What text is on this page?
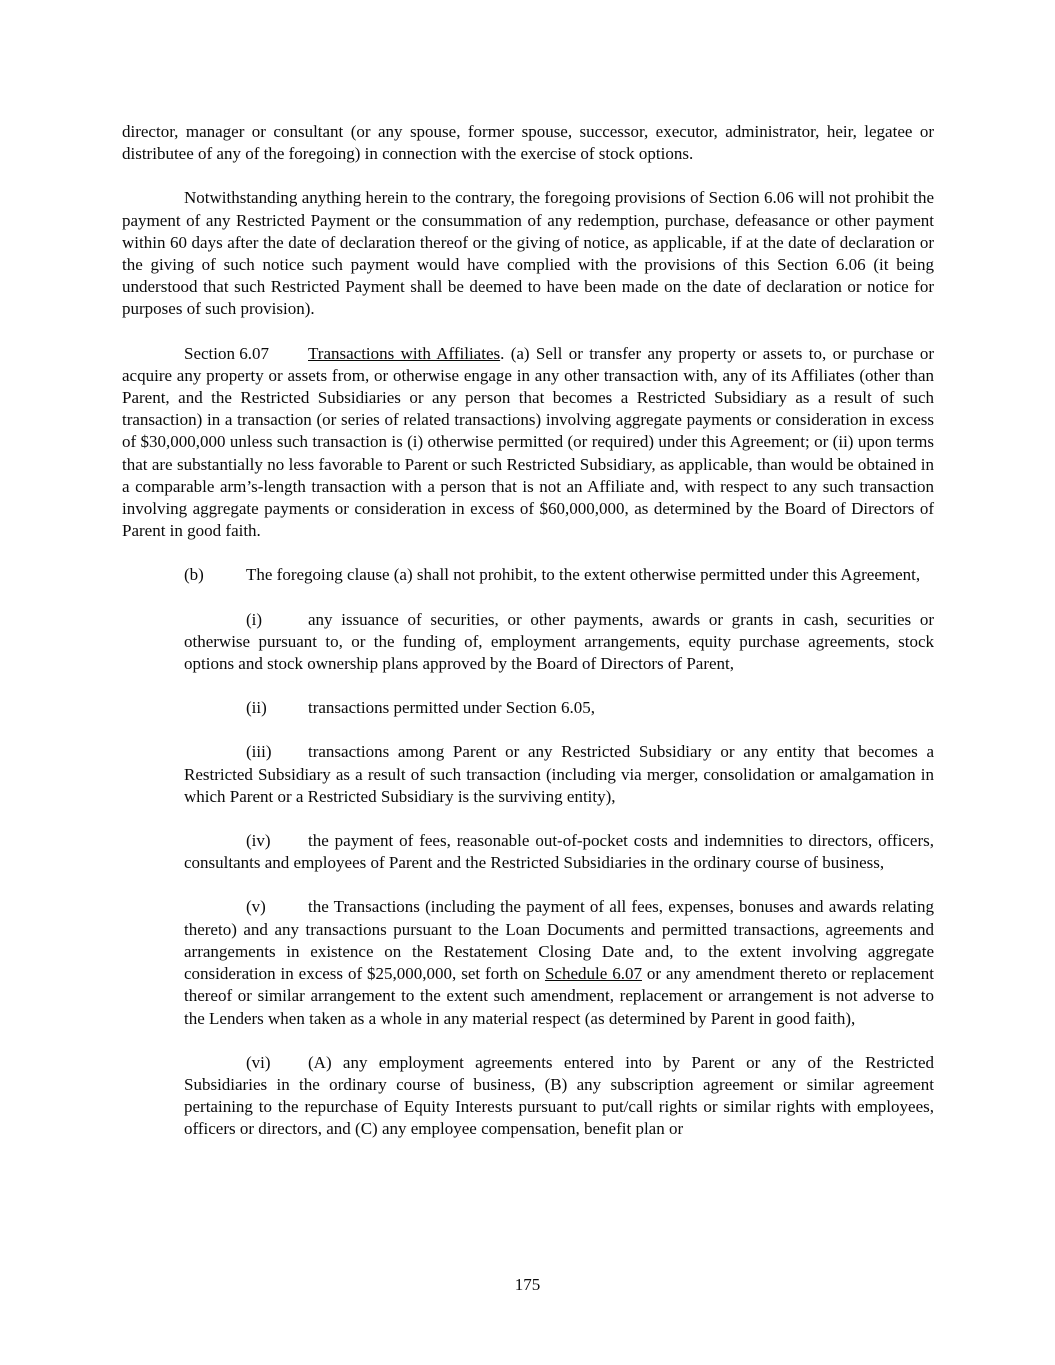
director, manager or consultant (or any spouse, former spouse, successor, executor, administrator, heir, legatee or distributee of any of the foregoing) in connection with the exercise of stock options.

Notwithstanding anything herein to the contrary, the foregoing provisions of Section 6.06 will not prohibit the payment of any Restricted Payment or the consummation of any redemption, purchase, defeasance or other payment within 60 days after the date of declaration thereof or the giving of notice, as applicable, if at the date of declaration or the giving of such notice such payment would have complied with the provisions of this Section 6.06 (it being understood that such Restricted Payment shall be deemed to have been made on the date of declaration or notice for purposes of such provision).

Section 6.07 Transactions with Affiliates. (a) Sell or transfer any property or assets to, or purchase or acquire any property or assets from, or otherwise engage in any other transaction with, any of its Affiliates (other than Parent, and the Restricted Subsidiaries or any person that becomes a Restricted Subsidiary as a result of such transaction) in a transaction (or series of related transactions) involving aggregate payments or consideration in excess of $30,000,000 unless such transaction is (i) otherwise permitted (or required) under this Agreement; or (ii) upon terms that are substantially no less favorable to Parent or such Restricted Subsidiary, as applicable, than would be obtained in a comparable arm’s-length transaction with a person that is not an Affiliate and, with respect to any such transaction involving aggregate payments or consideration in excess of $60,000,000, as determined by the Board of Directors of Parent in good faith.

(b) The foregoing clause (a) shall not prohibit, to the extent otherwise permitted under this Agreement,

(i)	any issuance of securities, or other payments, awards or grants in cash, securities or otherwise pursuant to, or the funding of, employment arrangements, equity purchase agreements, stock options and stock ownership plans approved by the Board of Directors of Parent,

(ii) transactions permitted under Section 6.05,

(iii) transactions among Parent or any Restricted Subsidiary or any entity that becomes a Restricted Subsidiary as a result of such transaction (including via merger, consolidation or amalgamation in which Parent or a Restricted Subsidiary is the surviving entity),

(iv) the payment of fees, reasonable out-of-pocket costs and indemnities to directors, officers, consultants and employees of Parent and the Restricted Subsidiaries in the ordinary course of business,

(v) the Transactions (including the payment of all fees, expenses, bonuses and awards relating thereto) and any transactions pursuant to the Loan Documents and permitted transactions, agreements and arrangements in existence on the Restatement Closing Date and, to the extent involving aggregate consideration in excess of $25,000,000, set forth on Schedule 6.07 or any amendment thereto or replacement thereof or similar arrangement to the extent such amendment, replacement or arrangement is not adverse to the Lenders when taken as a whole in any material respect (as determined by Parent in good faith),

(vi) (A) any employment agreements entered into by Parent or any of the Restricted Subsidiaries in the ordinary course of business, (B) any subscription agreement or similar agreement pertaining to the repurchase of Equity Interests pursuant to put/call rights or similar rights with employees, officers or directors, and (C) any employee compensation, benefit plan or

175
